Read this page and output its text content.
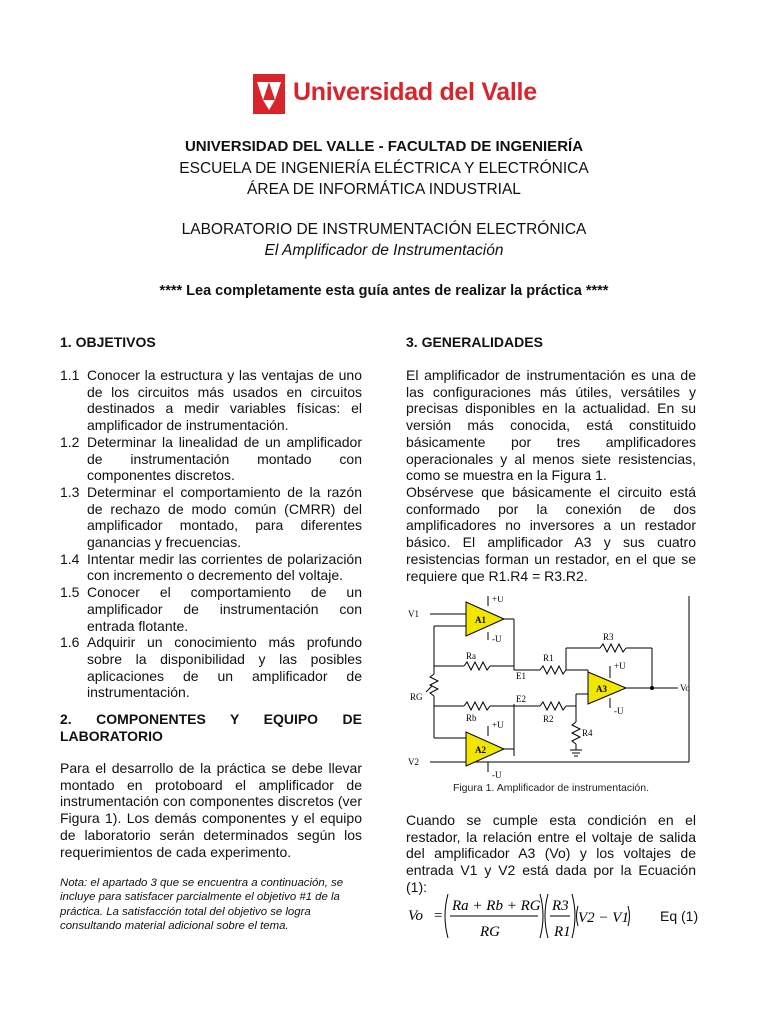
Universidad del Valle
UNIVERSIDAD DEL VALLE - FACULTAD DE INGENIERÍA
ESCUELA DE INGENIERÍA ELÉCTRICA Y ELECTRÓNICA
ÁREA DE INFORMÁTICA INDUSTRIAL
LABORATORIO DE INSTRUMENTACIÓN ELECTRÓNICA
El Amplificador de Instrumentación
**** Lea completamente esta guía antes de realizar la práctica ****
1. OBJETIVOS
1.1 Conocer la estructura y las ventajas de uno de los circuitos más usados en circuitos destinados a medir variables físicas: el amplificador de instrumentación.
1.2 Determinar la linealidad de un amplificador de instrumentación montado con componentes discretos.
1.3 Determinar el comportamiento de la razón de rechazo de modo común (CMRR) del amplificador montado, para diferentes ganancias y frecuencias.
1.4 Intentar medir las corrientes de polarización con incremento o decremento del voltaje.
1.5 Conocer el comportamiento de un amplificador de instrumentación con entrada flotante.
1.6 Adquirir un conocimiento más profundo sobre la disponibilidad y las posibles aplicaciones de un amplificador de instrumentación.
2. COMPONENTES Y EQUIPO DE LABORATORIO
Para el desarrollo de la práctica se debe llevar montado en protoboard el amplificador de instrumentación con componentes discretos (ver Figura 1). Los demás componentes y el equipo de laboratorio serán determinados según los requerimientos de cada experimento.
Nota: el apartado 3 que se encuentra a continuación, se incluye para satisfacer parcialmente el objetivo #1 de la práctica. La satisfacción total del objetivo se logra consultando material adicional sobre el tema.
3. GENERALIDADES
El amplificador de instrumentación es una de las configuraciones más útiles, versátiles y precisas disponibles en la actualidad. En su versión más conocida, está constituido básicamente por tres amplificadores operacionales y al menos siete resistencias, como se muestra en la Figura 1.
Obsérvese que básicamente el circuito está conformado por la conexión de dos amplificadores no inversores a un restador básico. El amplificador A3 y sus cuatro resistencias forman un restador, en el que se requiere que R1.R4 = R3.R2.
V1
A1
+U
-U
Ra	R1
E1
R3
+U
A3
-U
Vo
RG
Rb
E2
R2
R4
A2
+U
-U
V2
Figura 1. Amplificador de instrumentación.
Cuando se cumple esta condición en el restador, la relación entre el voltaje de salida del amplificador A3 (Vo) y los voltajes de entrada V1 y V2 está dada por la Ecuación (1):
Vo =
Ra + Rb + RG
RG
R3
R1
V2 − V1 Eq (1)
